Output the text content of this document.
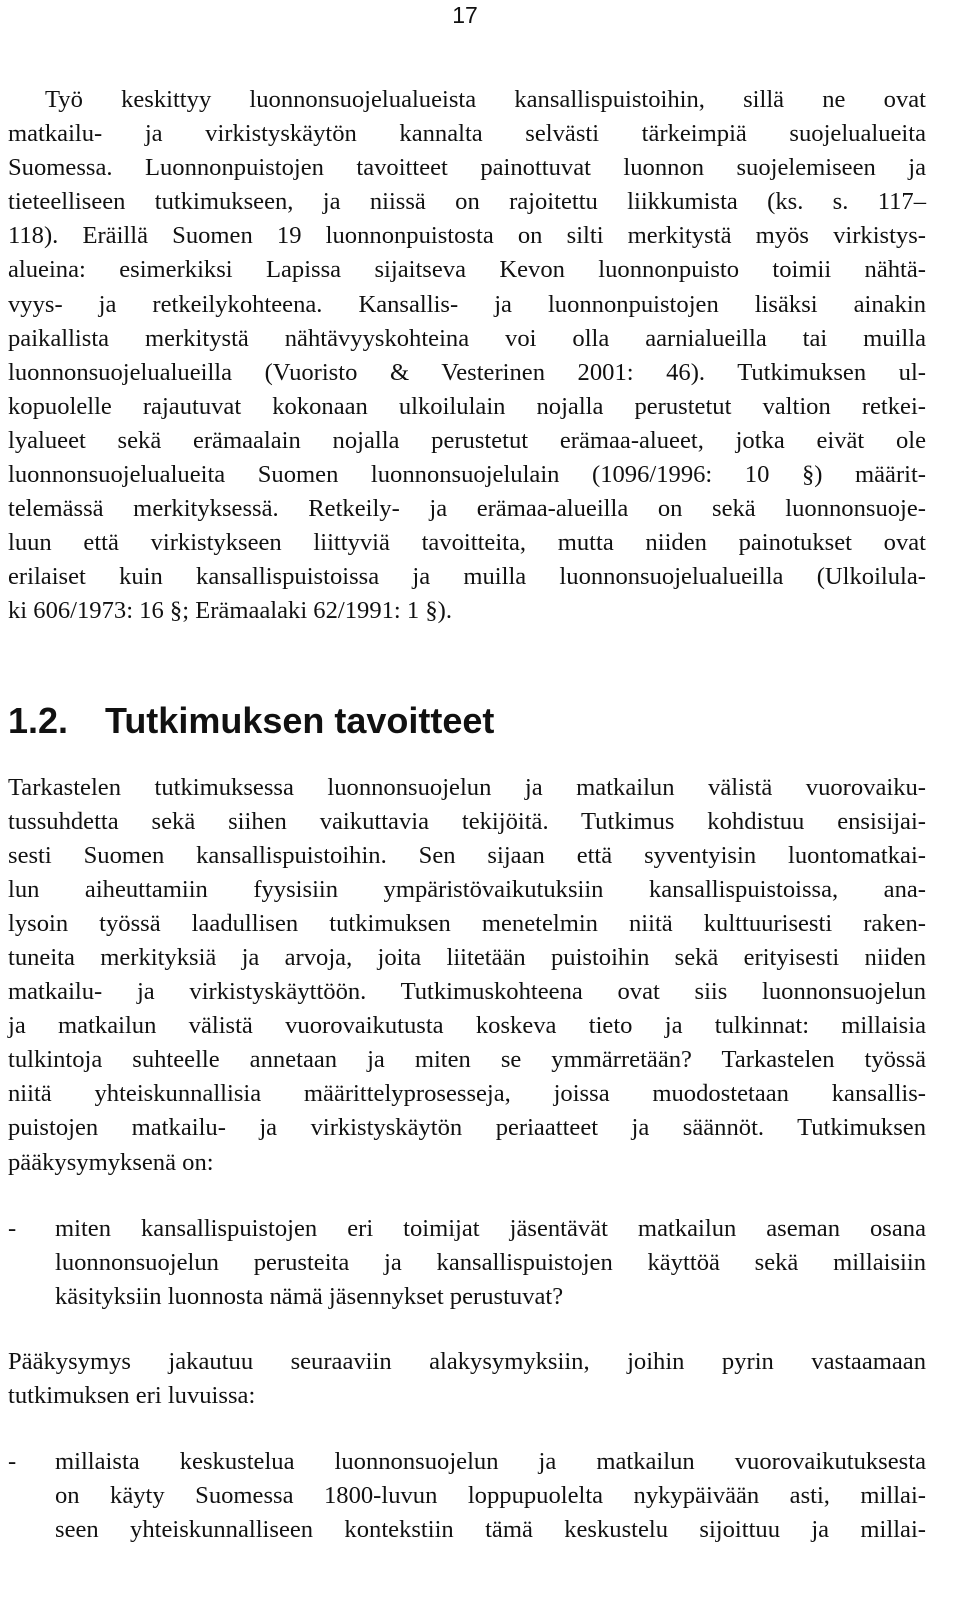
17
Työ keskittyy luonnonsuojelualueista kansallispuistoihin, sillä ne ovat
matkailu- ja virkistyskäytön kannalta selvästi tärkeimpiä suojelualueita
Suomessa. Luonnonpuistojen tavoitteet painottuvat luonnon suojelemiseen ja
tieteelliseen tutkimukseen, ja niissä on rajoitettu liikkumista (ks. s. 117–
118). Eräillä Suomen 19 luonnonpuistosta on silti merkitystä myös virkistys-
alueina: esimerkiksi Lapissa sijaitseva Kevon luonnonpuisto toimii nähtä-
vyys- ja retkeilykohteena. Kansallis- ja luonnonpuistojen lisäksi ainakin
paikallista merkitystä nähtävyyskohteina voi olla aarnialueilla tai muilla
luonnonsuojelualueilla (Vuoristo & Vesterinen 2001: 46). Tutkimuksen ul-
kopuolelle rajautuvat kokonaan ulkoilulain nojalla perustetut valtion retkei-
lyalueet sekä erämaalain nojalla perustetut erämaa-alueet, jotka eivät ole
luonnonsuojelualueita Suomen luonnonsuojelulain (1096/1996: 10 §) määrit-
telemässä merkityksessä. Retkeily- ja erämaa-alueilla on sekä luonnonsuoje-
luun että virkistykseen liittyviä tavoitteita, mutta niiden painotukset ovat
erilaiset kuin kansallispuistoissa ja muilla luonnonsuojelualueilla (Ulkoilula-
ki 606/1973: 16 §; Erämaalaki 62/1991: 1 §).
1.2. Tutkimuksen tavoitteet
Tarkastelen tutkimuksessa luonnonsuojelun ja matkailun välistä vuorovaiku-
tussuhdetta sekä siihen vaikuttavia tekijöitä. Tutkimus kohdistuu ensisijai-
sesti Suomen kansallispuistoihin. Sen sijaan että syventyisin luontomatkai-
lun aiheuttamiin fyysisiin ympäristövaikutuksiin kansallispuistoissa, ana-
lysoin työssä laadullisen tutkimuksen menetelmin niitä kulttuurisesti raken-
tuneita merkityksiä ja arvoja, joita liitetään puistoihin sekä erityisesti niiden
matkailu- ja virkistyskäyttöön. Tutkimuskohteena ovat siis luonnonsuojelun
ja matkailun välistä vuorovaikutusta koskeva tieto ja tulkinnat: millaisia
tulkintoja suhteelle annetaan ja miten se ymmärretään? Tarkastelen työssä
niitä yhteiskunnallisia määrittelyprosesseja, joissa muodostetaan kansallis-
puistojen matkailu- ja virkistyskäytön periaatteet ja säännöt. Tutkimuksen
pääkysymyksenä on:
- miten kansallispuistojen eri toimijat jäsentävät matkailun aseman osana
luonnonsuojelun perusteita ja kansallispuistojen käyttöä sekä millaisiin
käsityksiin luonnosta nämä jäsennykset perustuvat?
Pääkysymys jakautuu seuraaviin alakysymyksiin, joihin pyrin vastaamaan
tutkimuksen eri luvuissa:
- millaista keskustelua luonnonsuojelun ja matkailun vuorovaikutuksesta
on käyty Suomessa 1800-luvun loppupuolelta nykypäivään asti, millai-
seen yhteiskunnalliseen kontekstiin tämä keskustelu sijoittuu ja millai-
